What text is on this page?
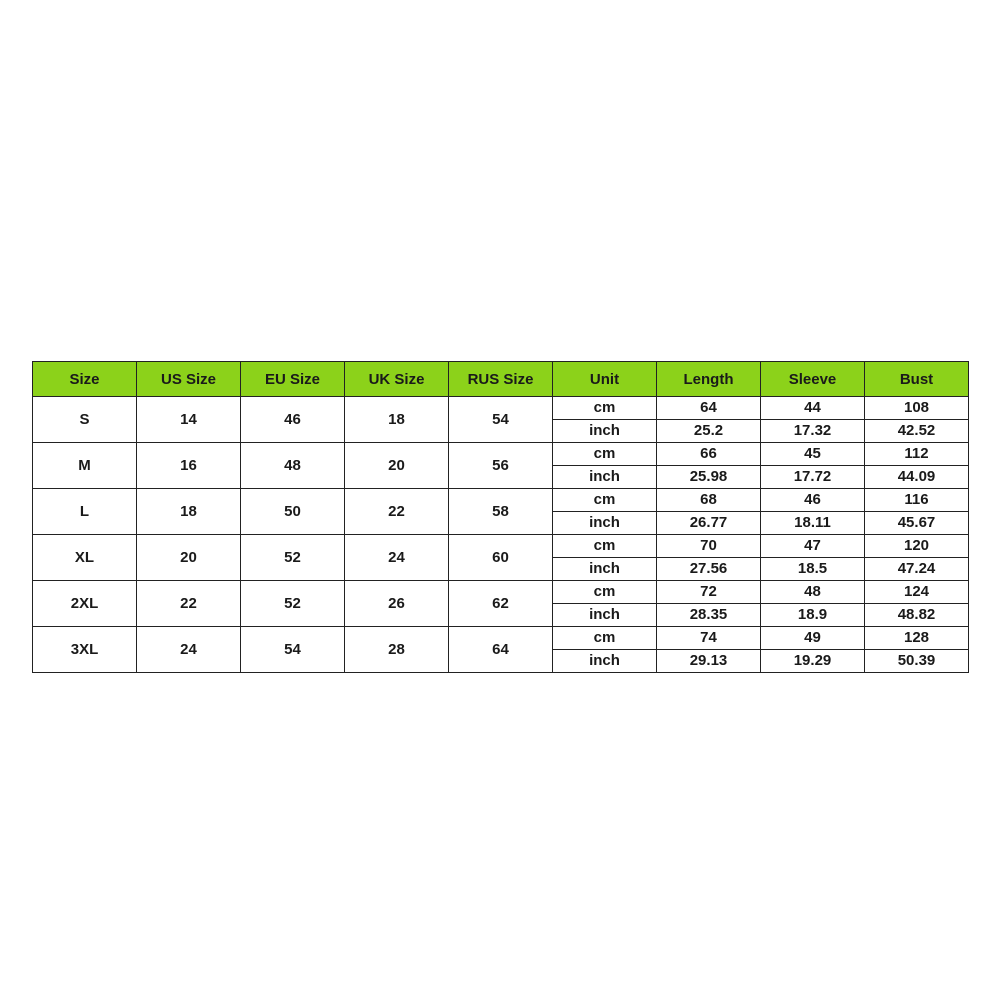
Size	US Size	EU Size	UK Size	RUS Size	Unit	Length	Sleeve	Bust
S	14	46	18	54	cm	64	44	108
					inch	25.2	17.32	42.52
M	16	48	20	56	cm	66	45	112
					inch	25.98	17.72	44.09
L	18	50	22	58	cm	68	46	116
					inch	26.77	18.11	45.67
XL	20	52	24	60	cm	70	47	120
					inch	27.56	18.5	47.24
2XL	22	52	26	62	cm	72	48	124
					inch	28.35	18.9	48.82
3XL	24	54	28	64	cm	74	49	128
					inch	29.13	19.29	50.39
